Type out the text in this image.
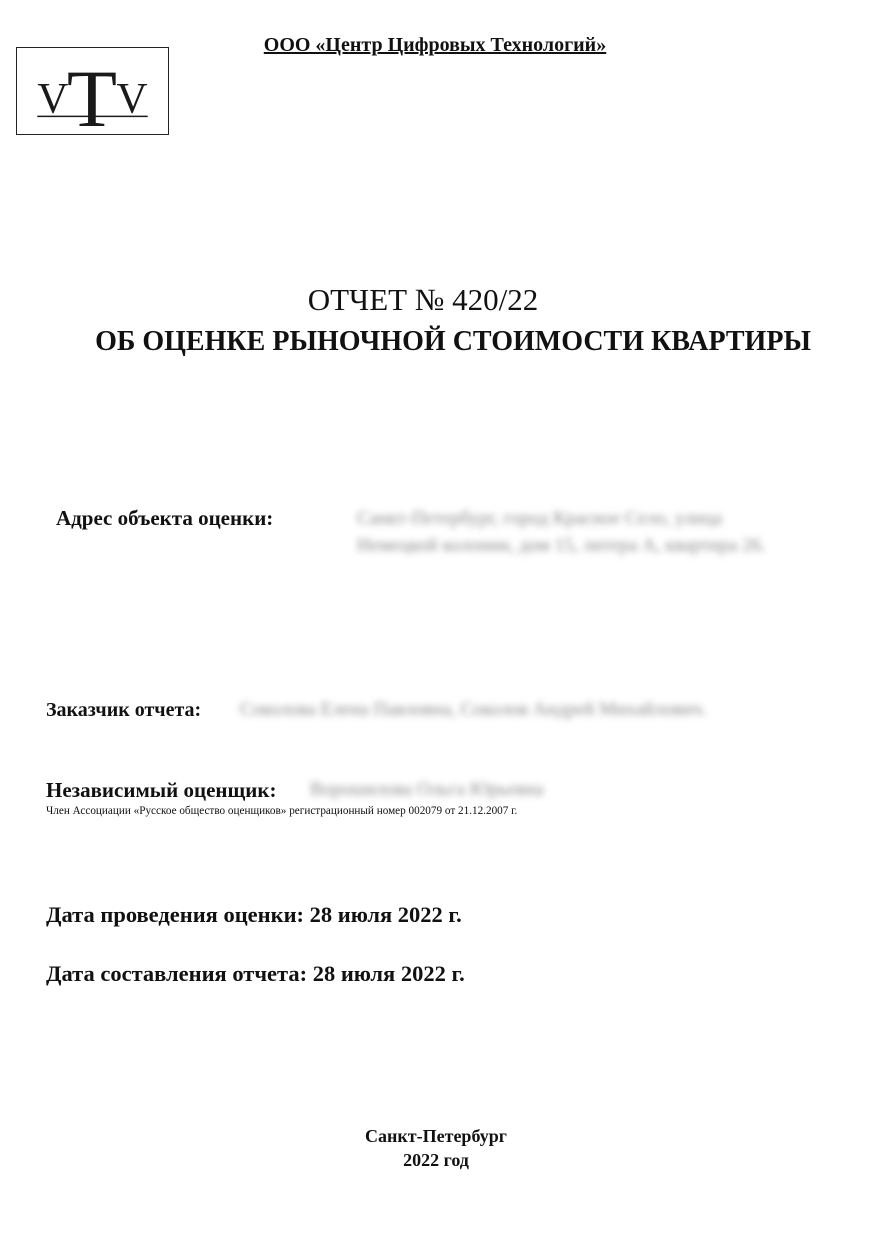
T
V V
ООО «Центр Цифровых Технологий»
ОТЧЕТ № 420/22
ОБ ОЦЕНКЕ РЫНОЧНОЙ СТОИМОСТИ КВАРТИРЫ
Адрес объекта оценки:	Санкт-Петербург, город Красное Село, улица Немецкой колонии, дом 15, литера А, квартира 26.
Заказчик отчета: Соколова Елена Павловна, Соколов Андрей Михайлович.
Независимый оценщик: Ворошилова Ольга Юрьевна
Член Ассоциации «Русское общество оценщиков» регистрационный номер 002079 от 21.12.2007 г.
Дата проведения оценки: 28 июля 2022 г.
Дата составления отчета: 28 июля 2022 г.
Санкт-Петербург
2022 год
